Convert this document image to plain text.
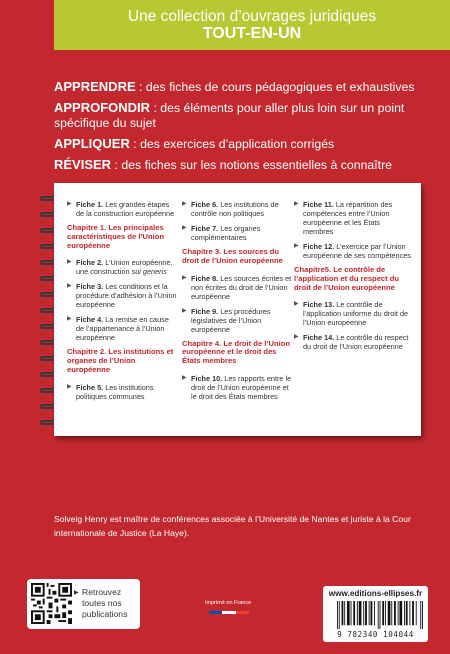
Une collection d’ouvrages juridiques
TOUT-EN-UN
APPRENDRE : des fiches de cours pédagogiques et exhaustives
APPROFONDIR : des éléments pour aller plus loin sur un point spécifique du sujet
APPLIQUER : des exercices d’application corrigés
RÉVISER : des fiches sur les notions essentielles à connaître
▶ Fiche 1. Les grandes étapes de la construction européenne
Chapitre 1. Les principales caractéristiques de l’Union européenne
▶ Fiche 2. L’Union européenne, une construction sui generis
▶ Fiche 3. Les conditions et la procédure d’adhésion à l’Union européenne
▶ Fiche 4. La remise en cause de l’appartenance à l’Union européenne
Chapitre 2. Les institutions et organes de l’Union européenne
▶ Fiche 5. Les institutions politiques communes
▶ Fiche 6. Les institutions de contrôle non politiques
▶ Fiche 7. Les organes complémentaires
Chapitre 3. Les sources du droit de l’Union européenne
▶ Fiche 8. Les sources écrites et non écrites du droit de l’Union européenne
▶ Fiche 9. Les procédures législatives de l’Union européenne
Chapitre 4. Le droit de l’Union européenne et le droit des États membres
▶ Fiche 10. Les rapports entre le droit de l’Union européenne et le droit des États membres
▶ Fiche 11. La répartition des compétences entre l’Union européenne et les États membres
▶ Fiche 12. L’exercice par l’Union européenne de ses compétences
Chapitre5. Le contrôle de l’application et du respect du droit de l’Union européenne
▶ Fiche 13. Le contrôle de l’application uniforme du droit de l’Union européenne
▶ Fiche 14. Le contrôle du respect du droit de l’Union européenne
Solveig Henry est maître de conférences associée à l’Université de Nantes et juriste à la Cour internationale de Justice (La Haye).
▶ Retrouvez toutes nos publications
Imprimé en France
www.editions-ellipses.fr
9 782340 104044
